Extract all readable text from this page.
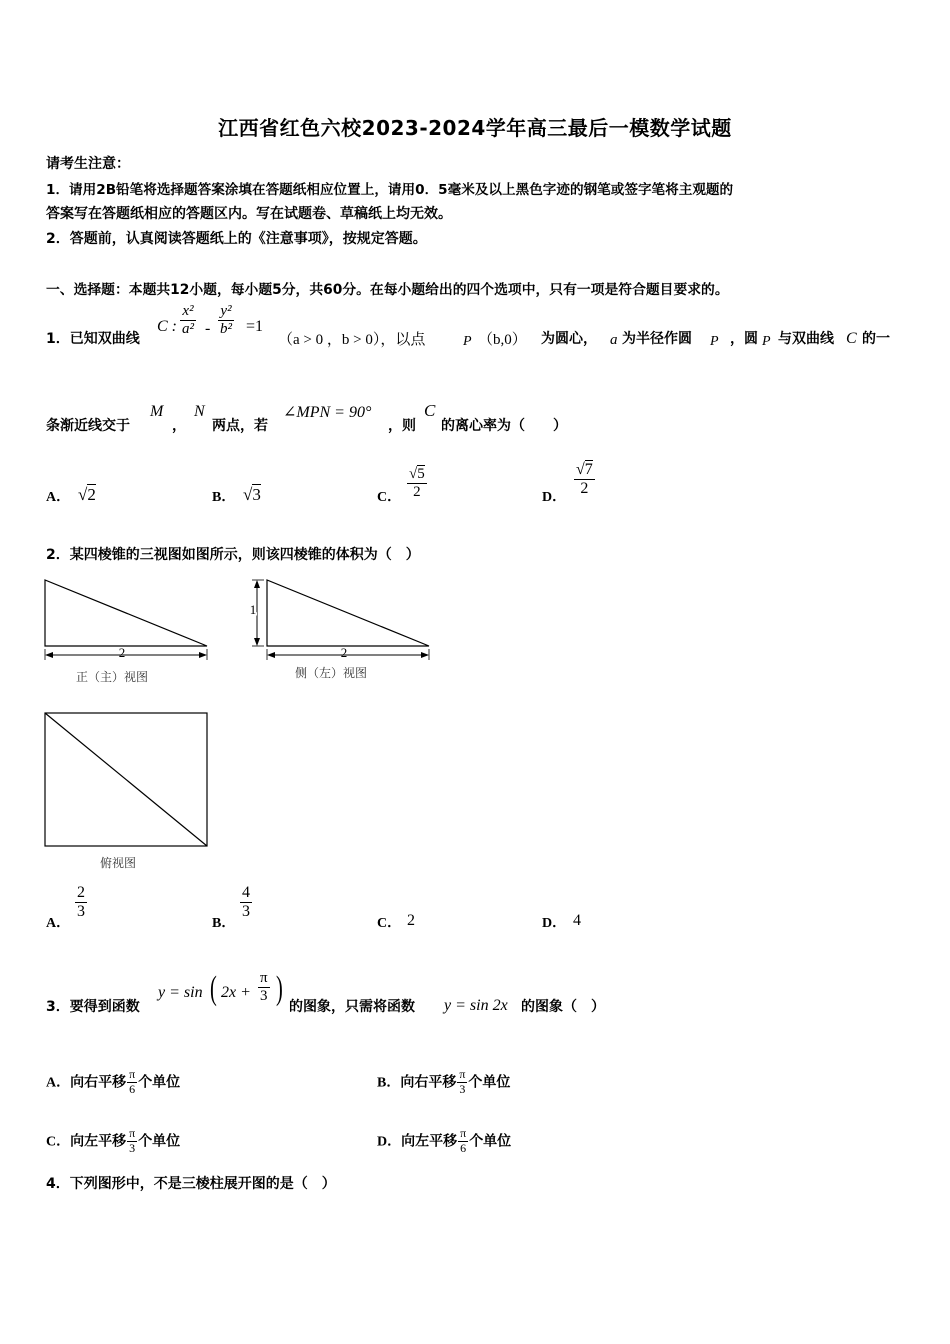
江西省红色六校2023-2024学年高三最后一模数学试题
请考生注意：
1．请用2B铅笔将选择题答案涂填在答题纸相应位置上，请用0．5毫米及以上黑色字迹的钢笔或签字笔将主观题的
答案写在答题纸相应的答题区内。写在试题卷、草稿纸上均无效。
2．答题前，认真阅读答题纸上的《注意事项》，按规定答题。
一、选择题：本题共12小题，每小题5分，共60分。在每小题给出的四个选项中，只有一项是符合题目要求的。
1．已知双曲线
C : $\frac{\text{x²}}{\text{a²}} - \frac{\text{y²}}{\text{b²}} =1$
（a > 0 ，b > 0），以点	P （b,0） 为圆心， a 为半径作圆 P ，圆 P 与双曲线 C 的一
条渐近线交于
M
，
N
两点，若
∠MPN = 90°
，则
C
的离心率为（　　）
A． √2	B． √3	C． $\frac{√5}{2}$	D． $\frac{√7}{2}$
2．某四棱锥的三视图如图所示，则该四棱锥的体积为（　）
2
正（主）视图
1
2
侧（左）视图
俯视图
A．
$\frac{2}{3}$
B．
$\frac{4}{3}$
C． 2	D． 4
3．要得到函数
y = sin ( $2x + \frac{\pi}{3}$ ) 的图象，只需将函数 y = sin 2x 的图象（　）
A．向右平移 $\frac{\pi}{6}$ 个单位	B．向右平移 $\frac{\pi}{3}$ 个单位
C．向左平移 $\frac{\pi}{3}$ 个单位	D．向左平移 $\frac{\pi}{6}$ 个单位
4．下列图形中，不是三棱柱展开图的是（　）
